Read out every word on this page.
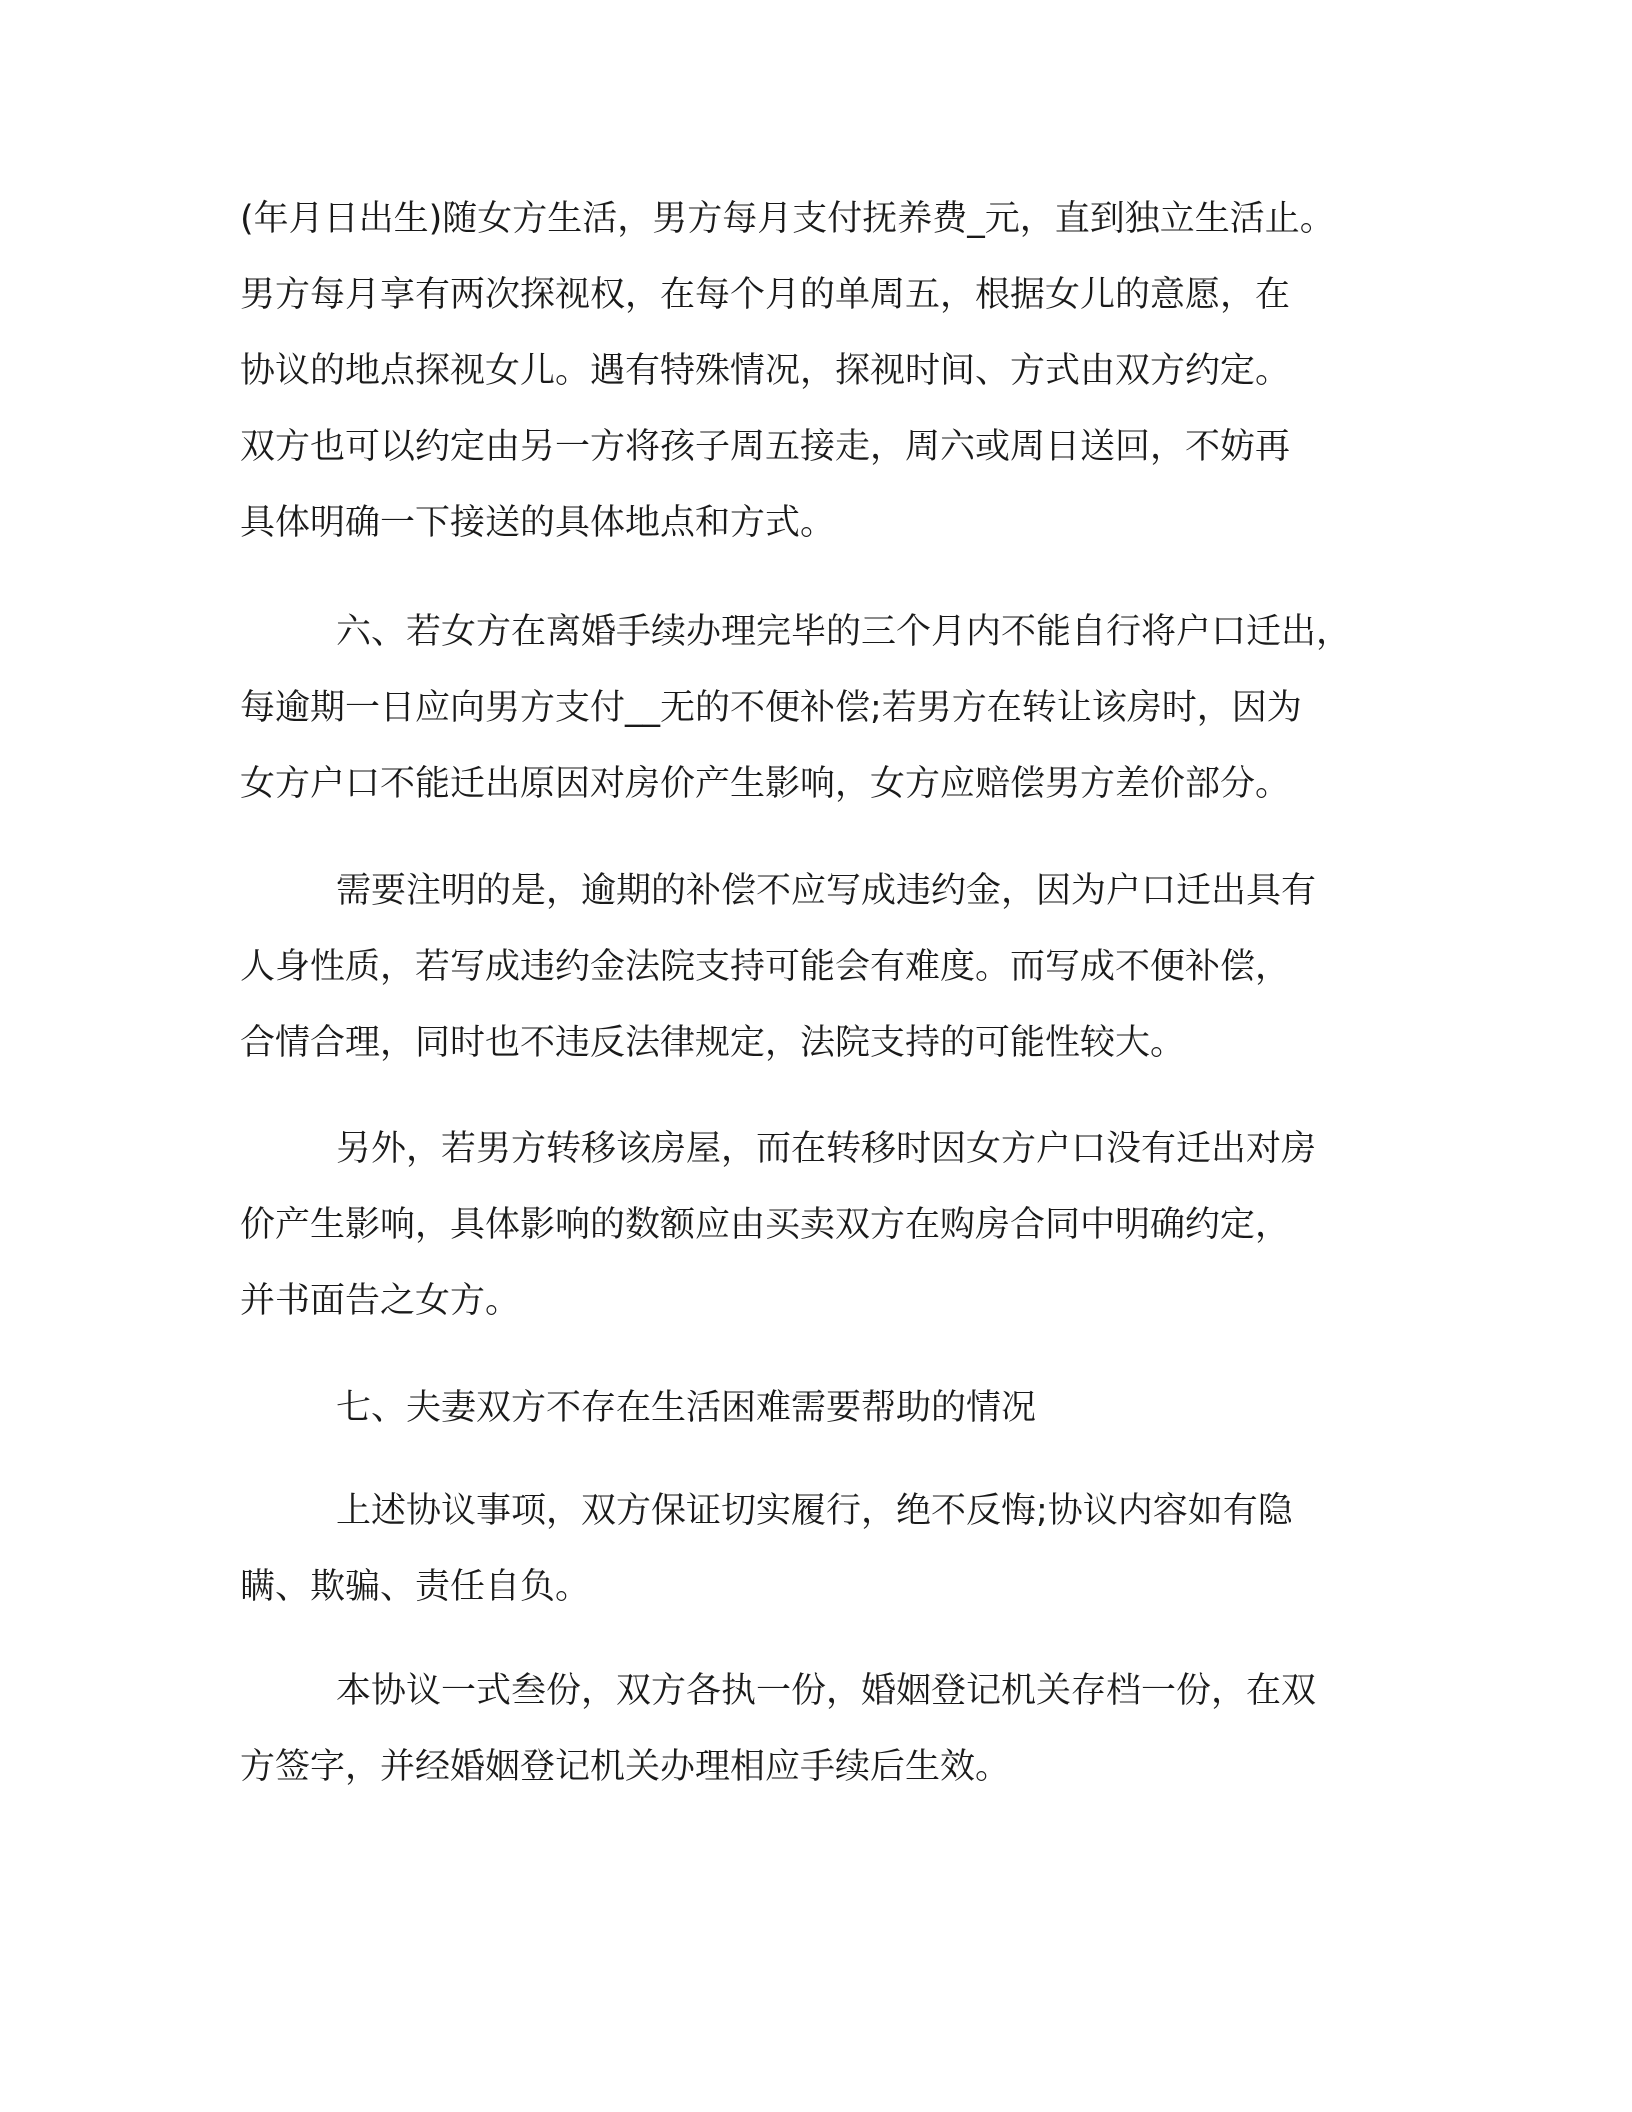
(年月日出生)随女方生活，男方每月支付抚养费_元，直到独立生活止。
男方每月享有两次探视权，在每个月的单周五，根据女儿的意愿，在
协议的地点探视女儿。遇有特殊情况，探视时间、方式由双方约定。
双方也可以约定由另一方将孩子周五接走，周六或周日送回，不妨再
具体明确一下接送的具体地点和方式。
六、若女方在离婚手续办理完毕的三个月内不能自行将户口迁出，
每逾期一日应向男方支付__无的不便补偿;若男方在转让该房时，因为
女方户口不能迁出原因对房价产生影响，女方应赔偿男方差价部分。
需要注明的是，逾期的补偿不应写成违约金，因为户口迁出具有
人身性质，若写成违约金法院支持可能会有难度。而写成不便补偿，
合情合理，同时也不违反法律规定，法院支持的可能性较大。
另外，若男方转移该房屋，而在转移时因女方户口没有迁出对房
价产生影响，具体影响的数额应由买卖双方在购房合同中明确约定，
并书面告之女方。
七、夫妻双方不存在生活困难需要帮助的情况
上述协议事项，双方保证切实履行，绝不反悔;协议内容如有隐
瞒、欺骗、责任自负。
本协议一式叁份，双方各执一份，婚姻登记机关存档一份，在双
方签字，并经婚姻登记机关办理相应手续后生效。
